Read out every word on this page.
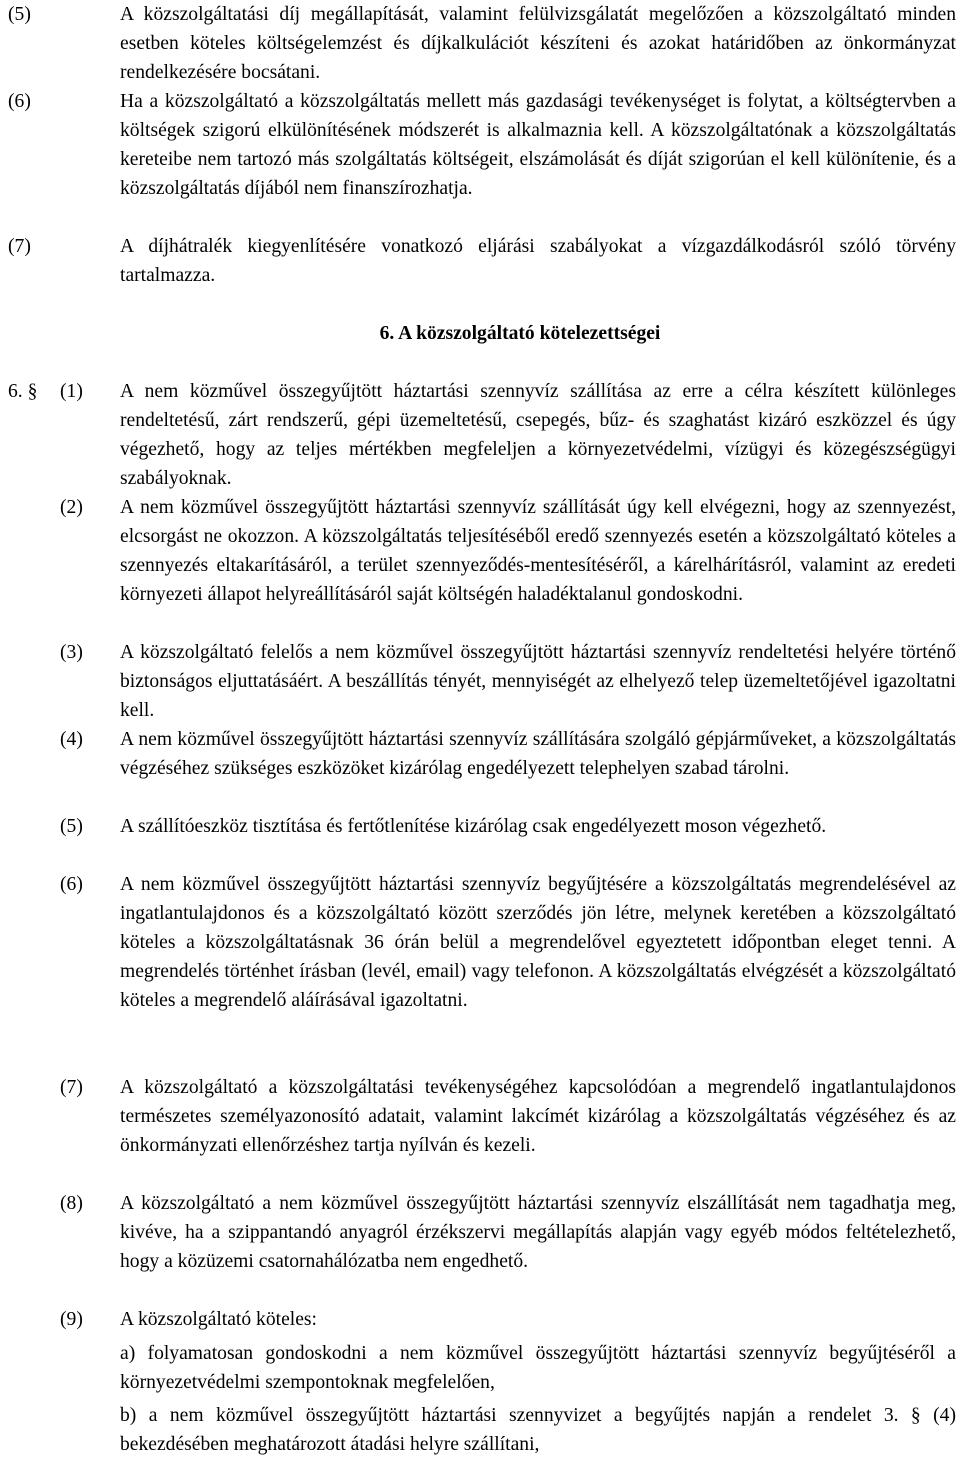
(5)	A közszolgáltatási díj megállapítását, valamint felülvizsgálatát megelőzően a közszolgáltató minden esetben köteles költségelemzést és díjkalkulációt készíteni és azokat határidőben az önkormányzat rendelkezésére bocsátani.
(6)	Ha a közszolgáltató a közszolgáltatás mellett más gazdasági tevékenységet is folytat, a költségtervben a költségek szigorú elkülönítésének módszerét is alkalmaznia kell. A közszolgáltatónak a közszolgáltatás kereteibe nem tartozó más szolgáltatás költségeit, elszámolását és díját szigorúan el kell különítenie, és a közszolgáltatás díjából nem finanszírozhatja.
(7)	A díjhátralék kiegyenlítésére vonatkozó eljárási szabályokat a vízgazdálkodásról szóló törvény tartalmazza.
6. A közszolgáltató kötelezettségei
6. § (1) A nem közművel összegyűjtött háztartási szennyvíz szállítása az erre a célra készített különleges rendeltetésű, zárt rendszerű, gépi üzemeltetésű, csepegés, bűz- és szaghatást kizáró eszközzel és úgy végezhető, hogy az teljes mértékben megfeleljen a környezetvédelmi, vízügyi és közegészségügyi szabályoknak.
(2) A nem közművel összegyűjtött háztartási szennyvíz szállítását úgy kell elvégezni, hogy az szennyezést, elcsorgást ne okozzon. A közszolgáltatás teljesítéséből eredő szennyezés esetén a közszolgáltató köteles a szennyezés eltakarításáról, a terület szennyeződés-mentesítéséről, a kárelhárításról, valamint az eredeti környezeti állapot helyreállításáról saját költségén haladéktalanul gondoskodni.
(3) A közszolgáltató felelős a nem közművel összegyűjtött háztartási szennyvíz rendeltetési helyére történő biztonságos eljuttatásáért. A beszállítás tényét, mennyiségét az elhelyező telep üzemeltetőjével igazoltatni kell.
(4) A nem közművel összegyűjtött háztartási szennyvíz szállítására szolgáló gépjárműveket, a közszolgáltatás végzéséhez szükséges eszközöket kizárólag engedélyezett telephelyen szabad tárolni.
(5) A szállítóeszköz tisztítása és fertőtlenítése kizárólag csak engedélyezett moson végezhető.
(6) A nem közművel összegyűjtött háztartási szennyvíz begyűjtésére a közszolgáltatás megrendelésével az ingatlantulajdonos és a közszolgáltató között szerződés jön létre, melynek keretében a közszolgáltató köteles a közszolgáltatásnak 36 órán belül a megrendelővel egyeztetett időpontban eleget tenni. A megrendelés történhet írásban (levél, email) vagy telefonon. A közszolgáltatás elvégzését a közszolgáltató köteles a megrendelő aláírásával igazoltatni.
(7) A közszolgáltató a közszolgáltatási tevékenységéhez kapcsolódóan a megrendelő ingatlantulajdonos természetes személyazonosító adatait, valamint lakcímét kizárólag a közszolgáltatás végzéséhez és az önkormányzati ellenőrzéshez tartja nyílván és kezeli.
(8) A közszolgáltató a nem közművel összegyűjtött háztartási szennyvíz elszállítását nem tagadhatja meg, kivéve, ha a szippantandó anyagról érzékszervi megállapítás alapján vagy egyéb módos feltételezhető, hogy a közüzemi csatornahálózatba nem engedhető.
(9) A közszolgáltató köteles:
a) folyamatosan gondoskodni a nem közművel összegyűjtött háztartási szennyvíz begyűjtéséről a környezetvédelmi szempontoknak megfelelően,
b) a nem közművel összegyűjtött háztartási szennyvizet a begyűjtés napján a rendelet 3. § (4) bekezdésében meghatározott átadási helyre szállítani,
